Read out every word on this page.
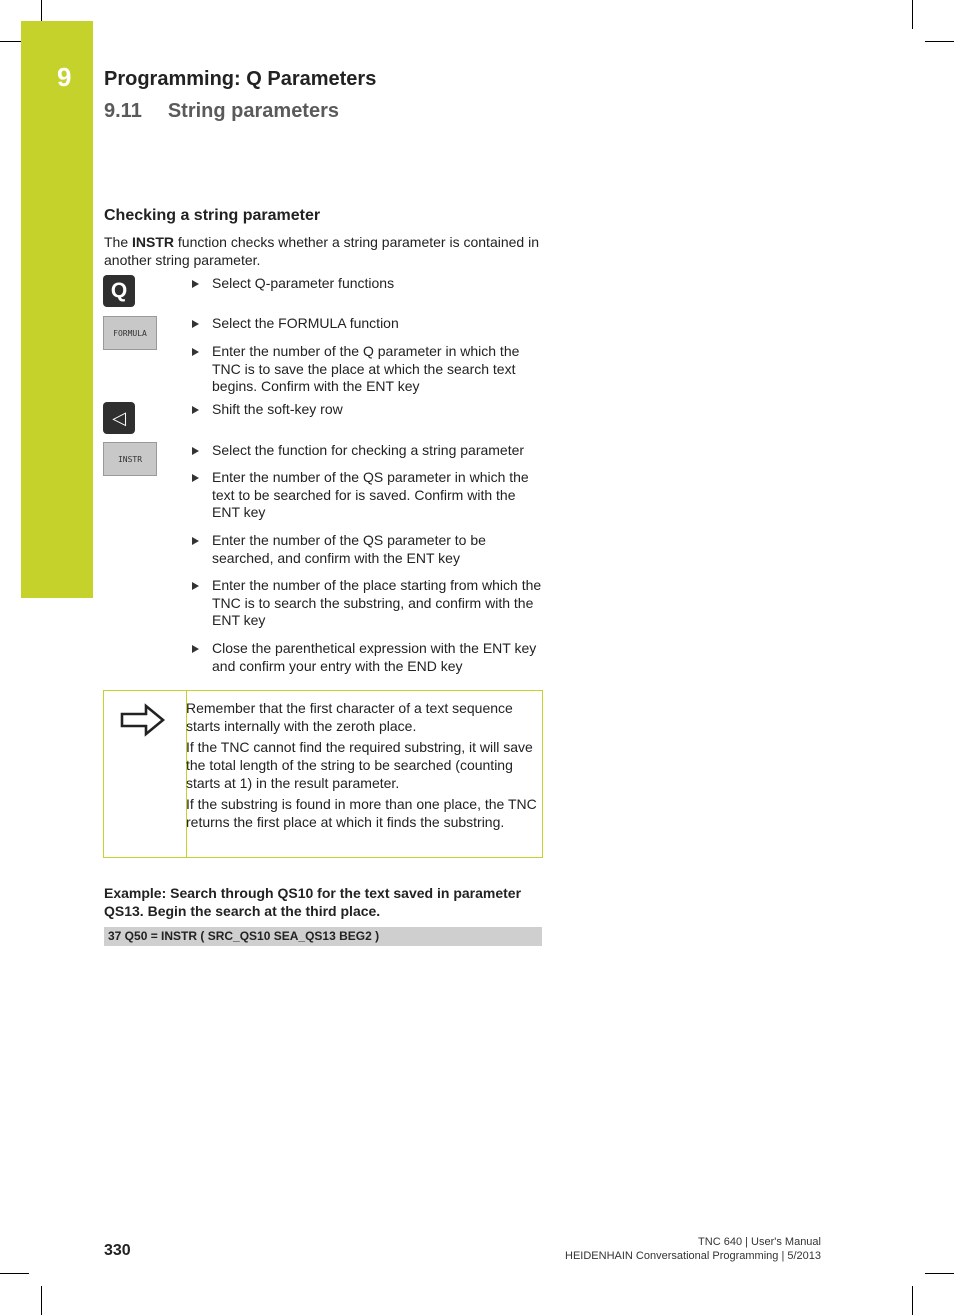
9 Programming: Q Parameters
9.11 String parameters
Checking a string parameter
The INSTR function checks whether a string parameter is contained in another string parameter.
Q
FORMULA
◁
INSTR
Select Q-parameter functions
Select the FORMULA function
Enter the number of the Q parameter in which the TNC is to save the place at which the search text begins. Confirm with the ENT key
Shift the soft-key row
Select the function for checking a string parameter
Enter the number of the QS parameter in which the text to be searched for is saved. Confirm with the ENT key
Enter the number of the QS parameter to be searched, and confirm with the ENT key
Enter the number of the place starting from which the TNC is to search the substring, and confirm with the ENT key
Close the parenthetical expression with the ENT key and confirm your entry with the END key

Remember that the first character of a text sequence starts internally with the zeroth place.

If the TNC cannot find the required substring, it will save the total length of the string to be searched (counting starts at 1) in the result parameter.

If the substring is found in more than one place, the TNC returns the first place at which it finds the substring.

Example: Search through QS10 for the text saved in parameter QS13. Begin the search at the third place.
37 Q50 = INSTR ( SRC_QS10 SEA_QS13 BEG2 )
330	TNC 640 | User's Manual
HEIDENHAIN Conversational Programming | 5/2013
